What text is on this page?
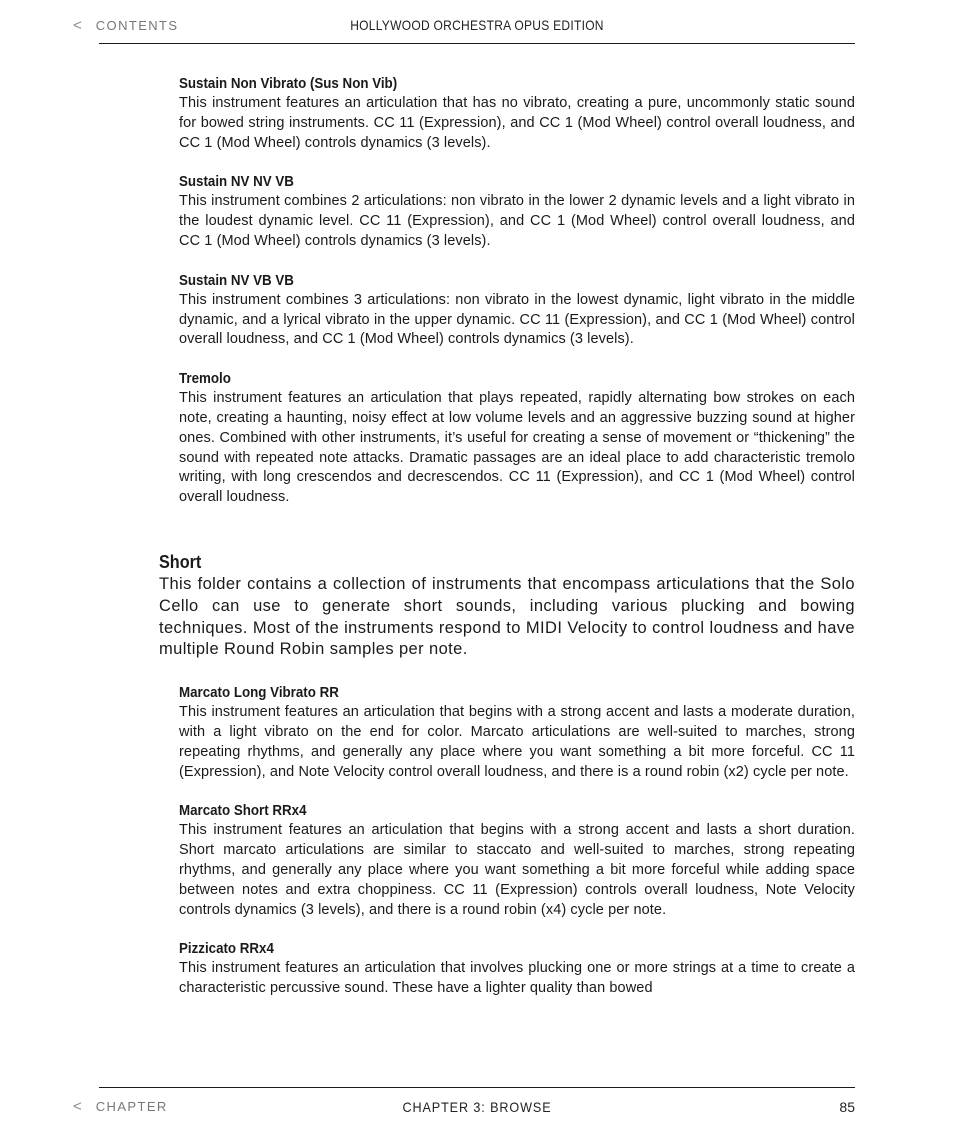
< CONTENTS	HOLLYWOOD ORCHESTRA OPUS EDITION
Sustain Non Vibrato (Sus Non Vib)
This instrument features an articulation that has no vibrato, creating a pure, uncommonly static sound for bowed string instruments. CC 11 (Expression), and CC 1 (Mod Wheel) control overall loudness, and CC 1 (Mod Wheel) controls dynamics (3 levels).
Sustain NV NV VB
This instrument combines 2 articulations: non vibrato in the lower 2 dynamic levels and a light vibrato in the loudest dynamic level. CC 11 (Expression), and CC 1 (Mod Wheel) control overall loudness, and CC 1 (Mod Wheel) controls dynamics (3 levels).
Sustain NV VB VB
This instrument combines 3 articulations: non vibrato in the lowest dynamic, light vibrato in the middle dynamic, and a lyrical vibrato in the upper dynamic. CC 11 (Expression), and CC 1 (Mod Wheel) control overall loudness, and CC 1 (Mod Wheel) controls dynamics (3 levels).
Tremolo
This instrument features an articulation that plays repeated, rapidly alternating bow strokes on each note, creating a haunting, noisy effect at low volume levels and an aggressive buzzing sound at higher ones. Combined with other instruments, it’s useful for creating a sense of movement or “thickening” the sound with repeated note attacks. Dramatic passages are an ideal place to add characteristic tremolo writing, with long crescendos and decrescendos. CC 11 (Expression), and CC 1 (Mod Wheel) control overall loudness.
Short
This folder contains a collection of instruments that encompass articulations that the Solo Cello can use to generate short sounds, including various plucking and bowing techniques. Most of the instruments respond to MIDI Velocity to control loudness and have multiple Round Robin samples per note.
Marcato Long Vibrato RR
This instrument features an articulation that begins with a strong accent and lasts a moderate duration, with a light vibrato on the end for color. Marcato articulations are well-suited to marches, strong repeating rhythms, and generally any place where you want something a bit more forceful. CC 11 (Expression), and Note Velocity control overall loudness, and there is a round robin (x2) cycle per note.
Marcato Short RRx4
This instrument features an articulation that begins with a strong accent and lasts a short duration. Short marcato articulations are similar to staccato and well-suited to marches, strong repeating rhythms, and generally any place where you want something a bit more forceful while adding space between notes and extra choppiness. CC 11 (Expression) controls overall loudness, Note Velocity controls dynamics (3 levels), and there is a round robin (x4) cycle per note.
Pizzicato RRx4
This instrument features an articulation that involves plucking one or more strings at a time to create a characteristic percussive sound. These have a lighter quality than bowed
< CHAPTER	CHAPTER 3: BROWSE	85
